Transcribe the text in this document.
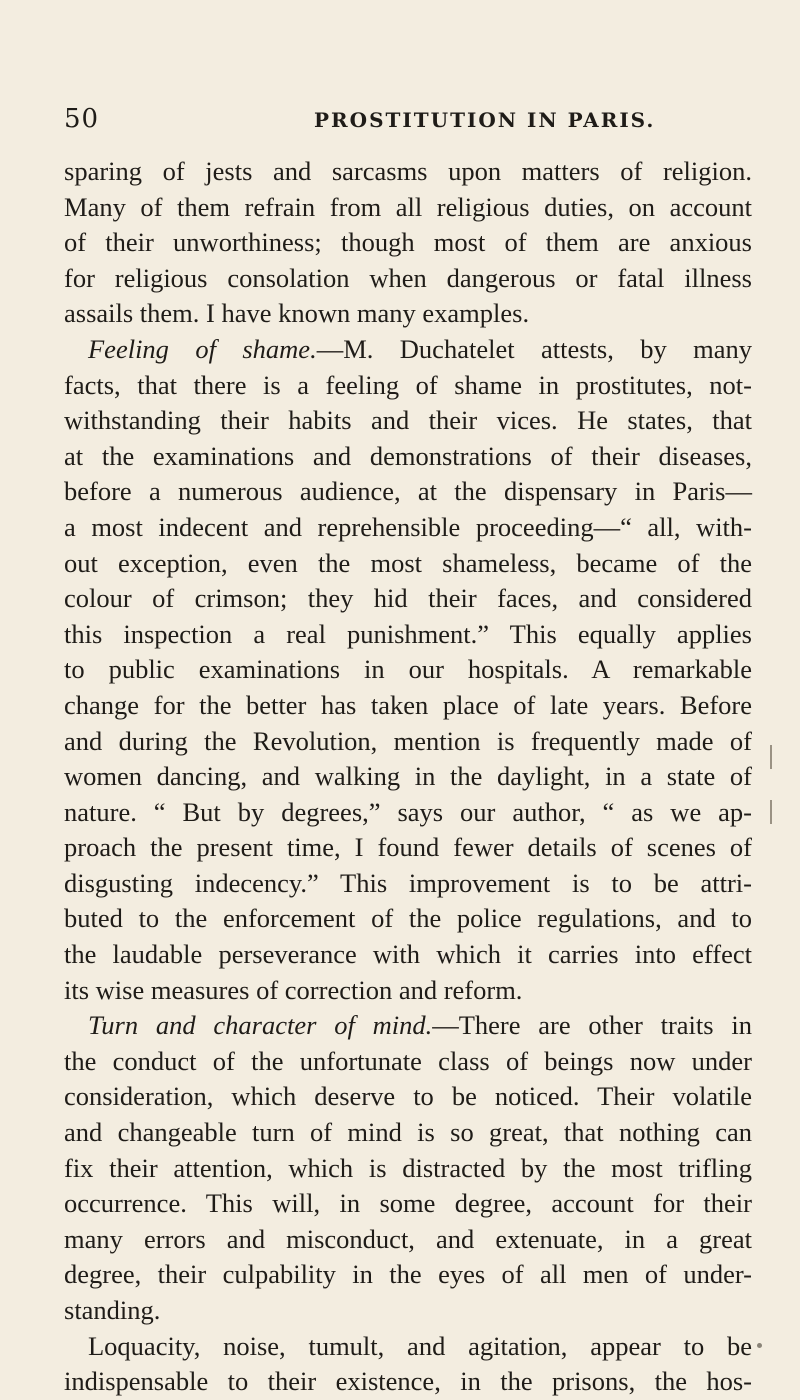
50	PROSTITUTION IN PARIS.
sparing of jests and sarcasms upon matters of religion.
Many of them refrain from all religious duties, on account
of their unworthiness; though most of them are anxious
for religious consolation when dangerous or fatal illness
assails them. I have known many examples.
Feeling of shame.—M. Duchatelet attests, by many
facts, that there is a feeling of shame in prostitutes, not-
withstanding their habits and their vices. He states, that
at the examinations and demonstrations of their diseases,
before a numerous audience, at the dispensary in Paris—
a most indecent and reprehensible proceeding—“ all, with-
out exception, even the most shameless, became of the
colour of crimson; they hid their faces, and considered
this inspection a real punishment.” This equally applies
to public examinations in our hospitals. A remarkable
change for the better has taken place of late years. Before
and during the Revolution, mention is frequently made of
women dancing, and walking in the daylight, in a state of
nature. “ But by degrees,” says our author, “ as we ap-
proach the present time, I found fewer details of scenes of
disgusting indecency.” This improvement is to be attri-
buted to the enforcement of the police regulations, and to
the laudable perseverance with which it carries into effect
its wise measures of correction and reform.
Turn and character of mind.—There are other traits in
the conduct of the unfortunate class of beings now under
consideration, which deserve to be noticed. Their volatile
and changeable turn of mind is so great, that nothing can
fix their attention, which is distracted by the most trifling
occurrence. This will, in some degree, account for their
many errors and misconduct, and extenuate, in a great
degree, their culpability in the eyes of all men of under-
standing.
Loquacity, noise, tumult, and agitation, appear to be
indispensable to their existence, in the prisons, the hos-
